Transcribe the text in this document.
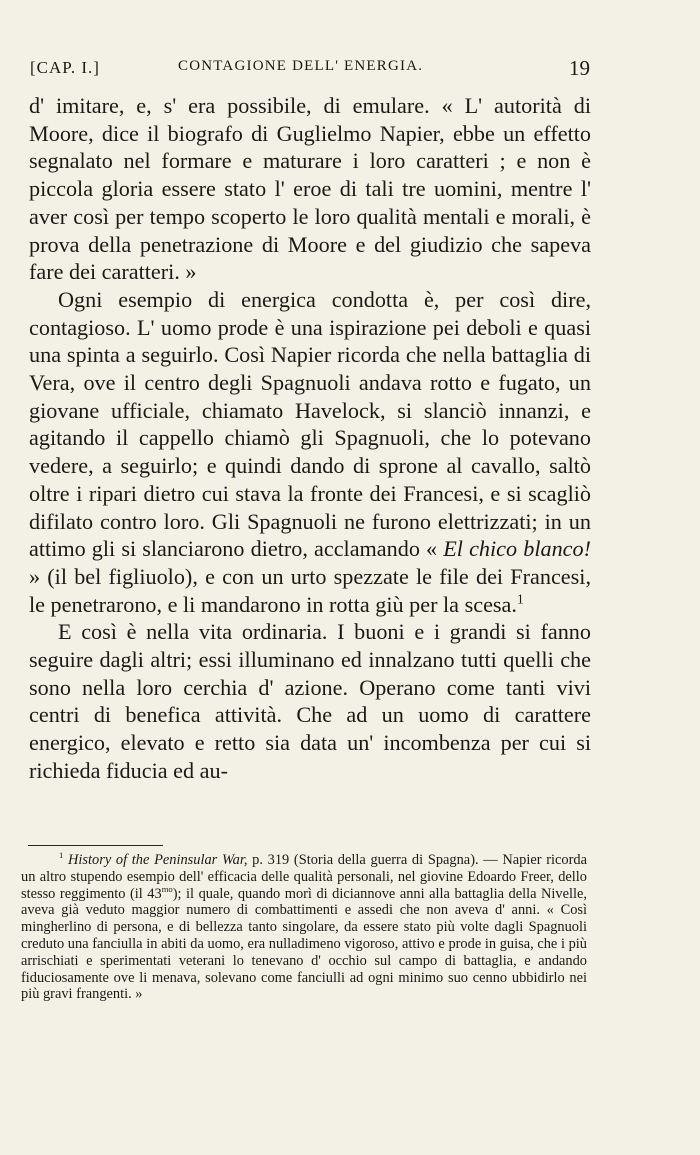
[CAP. I.]	CONTAGIONE DELL' ENERGIA.	19

d' imitare, e, s' era possibile, di emulare. « L' autorità di Moore, dice il biografo di Guglielmo Napier, ebbe un effetto segnalato nel formare e maturare i loro caratteri ; e non è piccola gloria essere stato l' eroe di tali tre uomini, mentre l' aver così per tempo scoperto le loro qualità mentali e morali, è prova della penetrazione di Moore e del giudizio che sapeva fare dei caratteri. »

Ogni esempio di energica condotta è, per così dire, contagioso. L' uomo prode è una ispirazione pei deboli e quasi una spinta a seguirlo. Così Napier ricorda che nella battaglia di Vera, ove il centro degli Spagnuoli andava rotto e fugato, un giovane ufficiale, chiamato Havelock, si slanciò innanzi, e agitando il cappello chiamò gli Spagnuoli, che lo potevano vedere, a seguirlo; e quindi dando di sprone al cavallo, saltò oltre i ripari dietro cui stava la fronte dei Francesi, e si scagliò difilato contro loro. Gli Spagnuoli ne furono elettrizzati; in un attimo gli si slanciarono dietro, acclamando « El chico blanco! » (il bel figliuolo), e con un urto spezzate le file dei Francesi, le penetrarono, e li mandarono in rotta giù per la scesa.$^1$

E così è nella vita ordinaria. I buoni e i grandi si fanno seguire dagli altri; essi illuminano ed innalzano tutti quelli che sono nella loro cerchia d' azione. Operano come tanti vivi centri di benefica attività. Che ad un uomo di carattere energico, elevato e retto sia data un' incombenza per cui si richieda fiducia ed au-

$^1$ History of the Peninsular War, p. 319 (Storia della guerra di Spagna). — Napier ricorda un altro stupendo esempio dell' efficacia delle qualità personali, nel giovine Edoardo Freer, dello stesso reggimento (il $43^{mo}$); il quale, quando morì di diciannove anni alla battaglia della Nivelle, aveva già veduto maggior numero di combattimenti e assedi che non aveva d' anni. « Così mingherlino di persona, e di bellezza tanto singolare, da essere stato più volte dagli Spagnuoli creduto una fanciulla in abiti da uomo, era nulladimeno vigoroso, attivo e prode in guisa, che i più arrischiati e sperimentati veterani lo tenevano d' occhio sul campo di battaglia, e andando fiduciosamente ove li menava, solevano come fanciulli ad ogni minimo suo cenno ubbidirlo nei più gravi frangenti. »
